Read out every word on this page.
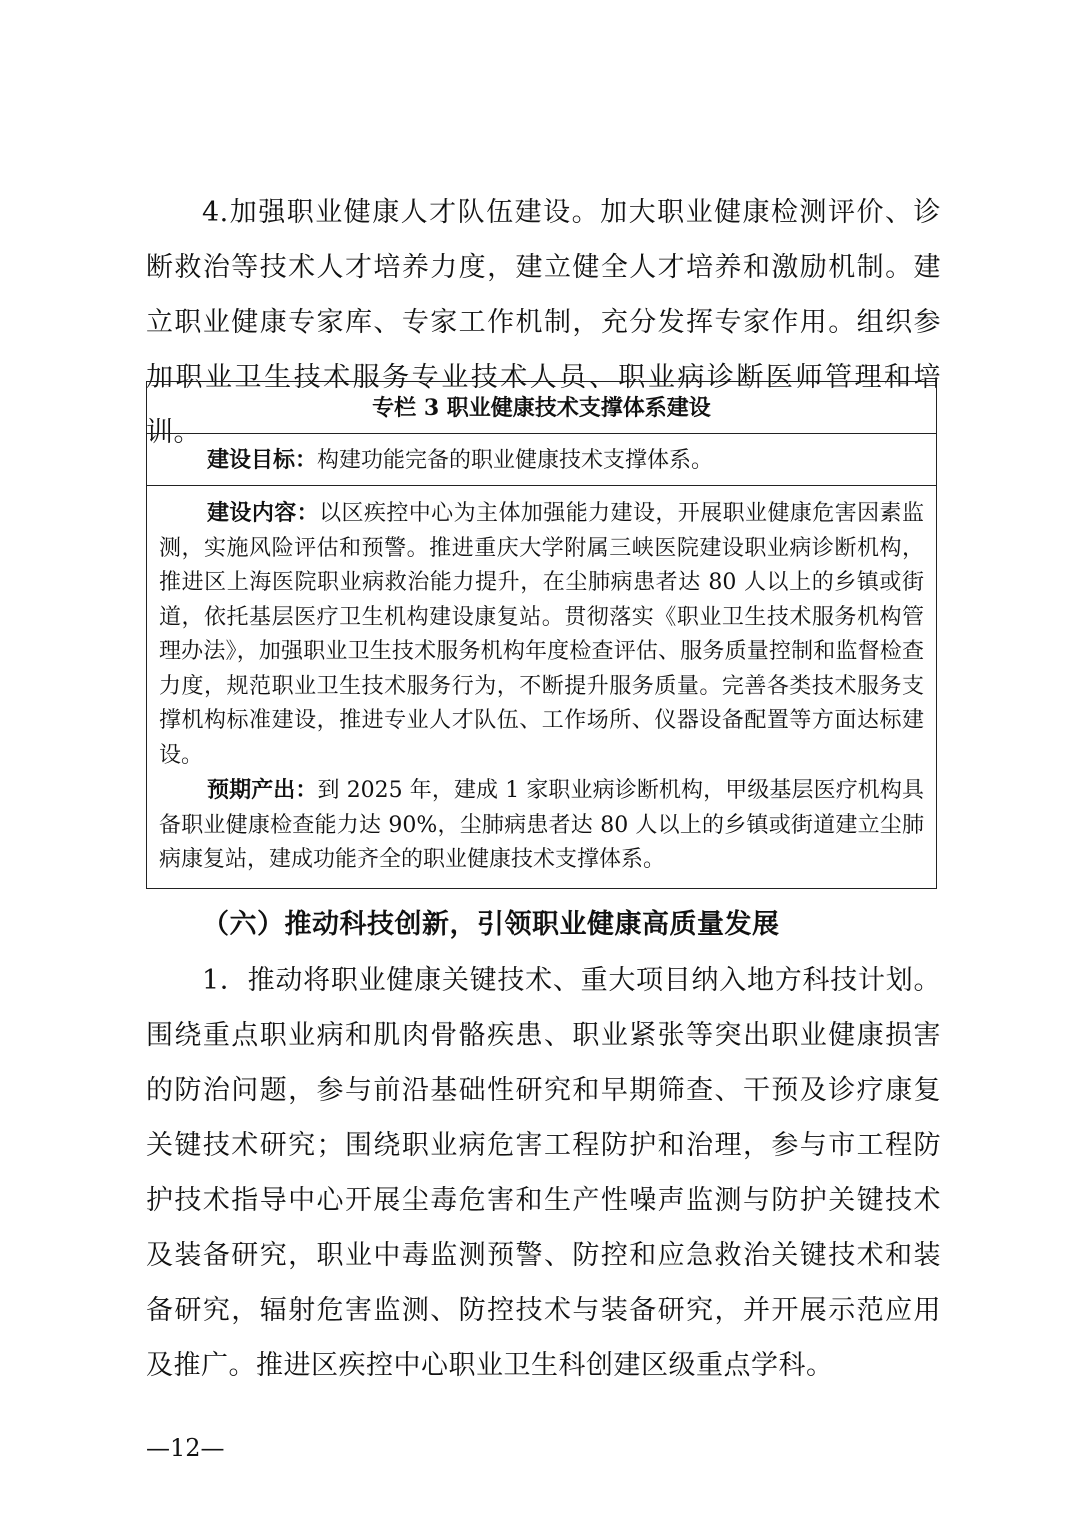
4.加强职业健康人才队伍建设。加大职业健康检测评价、诊断救治等技术人才培养力度，建立健全人才培养和激励机制。建立职业健康专家库、专家工作机制，充分发挥专家作用。组织参加职业卫生技术服务专业技术人员、职业病诊断医师管理和培训。

专栏 3 职业健康技术支撑体系建设
建设目标：构建功能完备的职业健康技术支撑体系。

建设内容：以区疾控中心为主体加强能力建设，开展职业健康危害因素监测，实施风险评估和预警。推进重庆大学附属三峡医院建设职业病诊断机构，推进区上海医院职业病救治能力提升，在尘肺病患者达 80 人以上的乡镇或街道，依托基层医疗卫生机构建设康复站。贯彻落实《职业卫生技术服务机构管理办法》，加强职业卫生技术服务机构年度检查评估、服务质量控制和监督检查力度，规范职业卫生技术服务行为，不断提升服务质量。完善各类技术服务支撑机构标准建设，推进专业人才队伍、工作场所、仪器设备配置等方面达标建设。

预期产出：到 2025 年，建成 1 家职业病诊断机构，甲级基层医疗机构具备职业健康检查能力达 90%，尘肺病患者达 80 人以上的乡镇或街道建立尘肺病康复站，建成功能齐全的职业健康技术支撑体系。

（六）推动科技创新，引领职业健康高质量发展

1．推动将职业健康关键技术、重大项目纳入地方科技计划。围绕重点职业病和肌肉骨骼疾患、职业紧张等突出职业健康损害的防治问题，参与前沿基础性研究和早期筛查、干预及诊疗康复关键技术研究；围绕职业病危害工程防护和治理，参与市工程防护技术指导中心开展尘毒危害和生产性噪声监测与防护关键技术及装备研究，职业中毒监测预警、防控和应急救治关键技术和装备研究，辐射危害监测、防控技术与装备研究，并开展示范应用及推广。推进区疾控中心职业卫生科创建区级重点学科。

—12—
